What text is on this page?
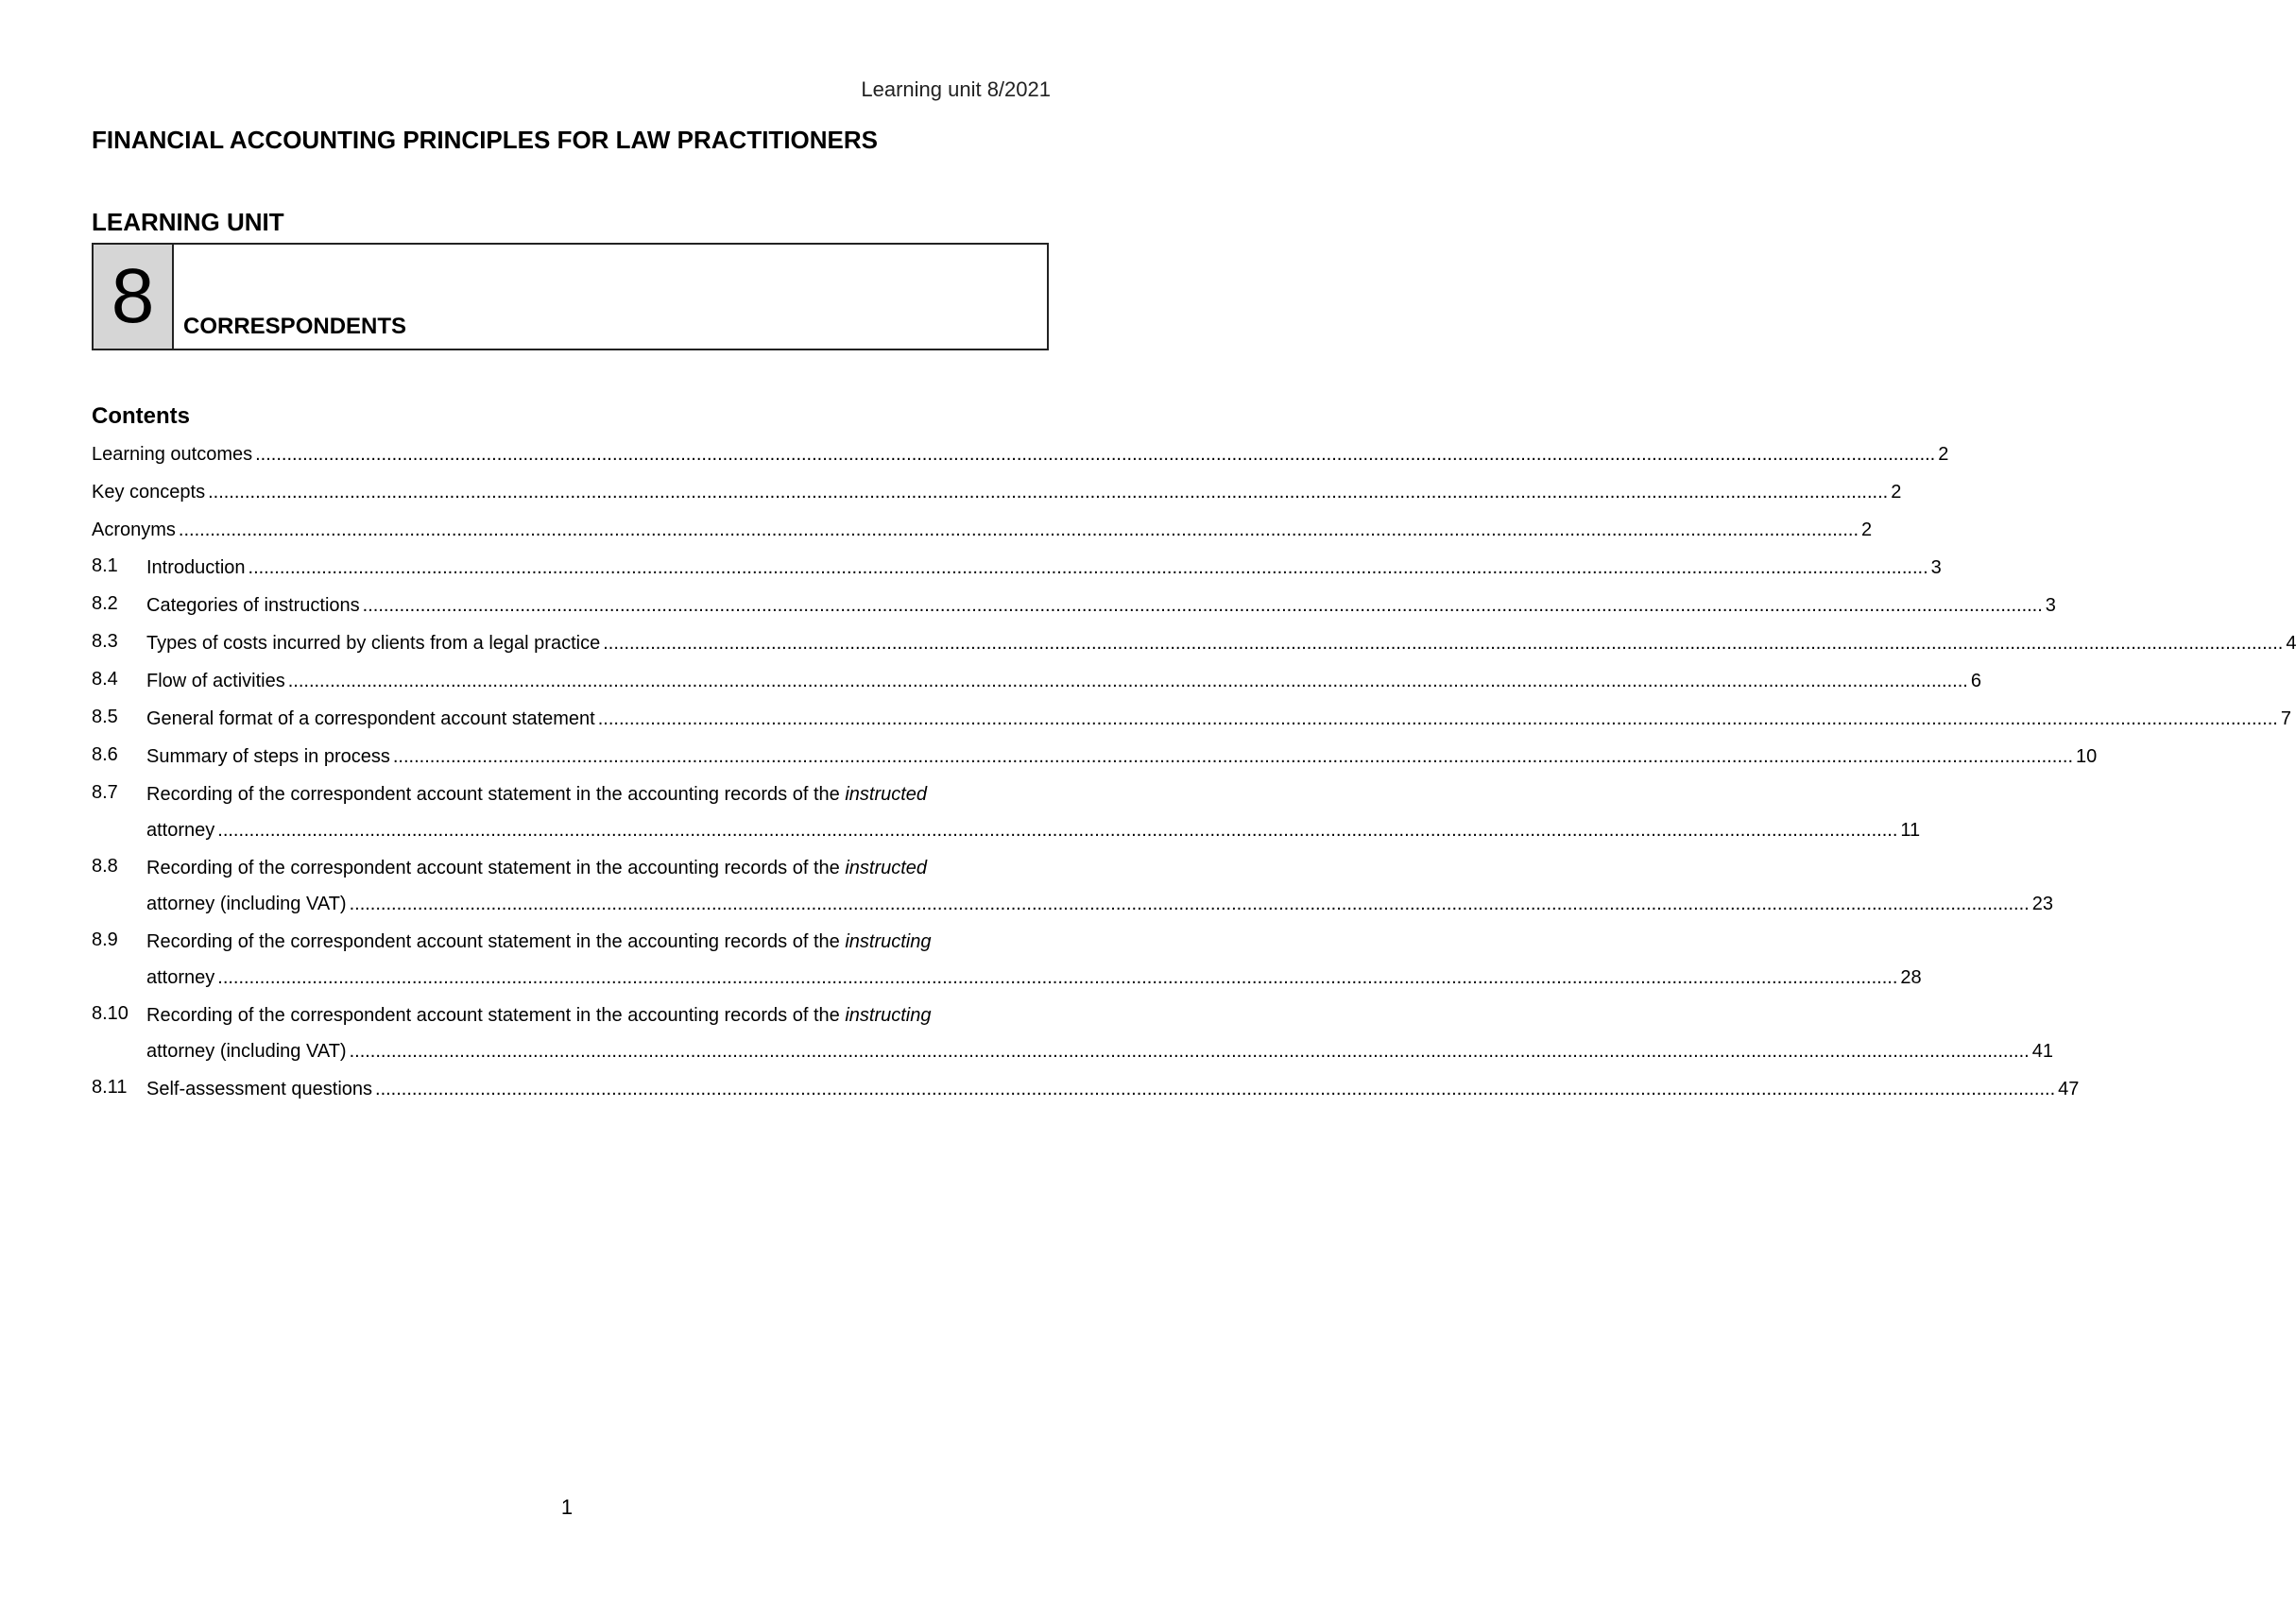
Learning unit 8/2021
FINANCIAL ACCOUNTING PRINCIPLES FOR LAW PRACTITIONERS
LEARNING UNIT
8	CORRESPONDENTS
Contents
Learning outcomes .....	2
Key concepts .....	2
Acronyms .....	2
8.1	Introduction .....	3
8.2	Categories of instructions .....	3
8.3	Types of costs incurred by clients from a legal practice .....	4
8.4	Flow of activities .....	6
8.5	General format of a correspondent account statement .....	7
8.6	Summary of steps in process .....	10
8.7	Recording of the correspondent account statement in the accounting records of the instructed
attorney .....	11
8.8	Recording of the correspondent account statement in the accounting records of the instructed
attorney (including VAT) .....	23
8.9	Recording of the correspondent account statement in the accounting records of the instructing
attorney .....	28
8.10 Recording of the correspondent account statement in the accounting records of the instructing
attorney (including VAT) .....	41
8.11	Self-assessment questions .....	47
1
